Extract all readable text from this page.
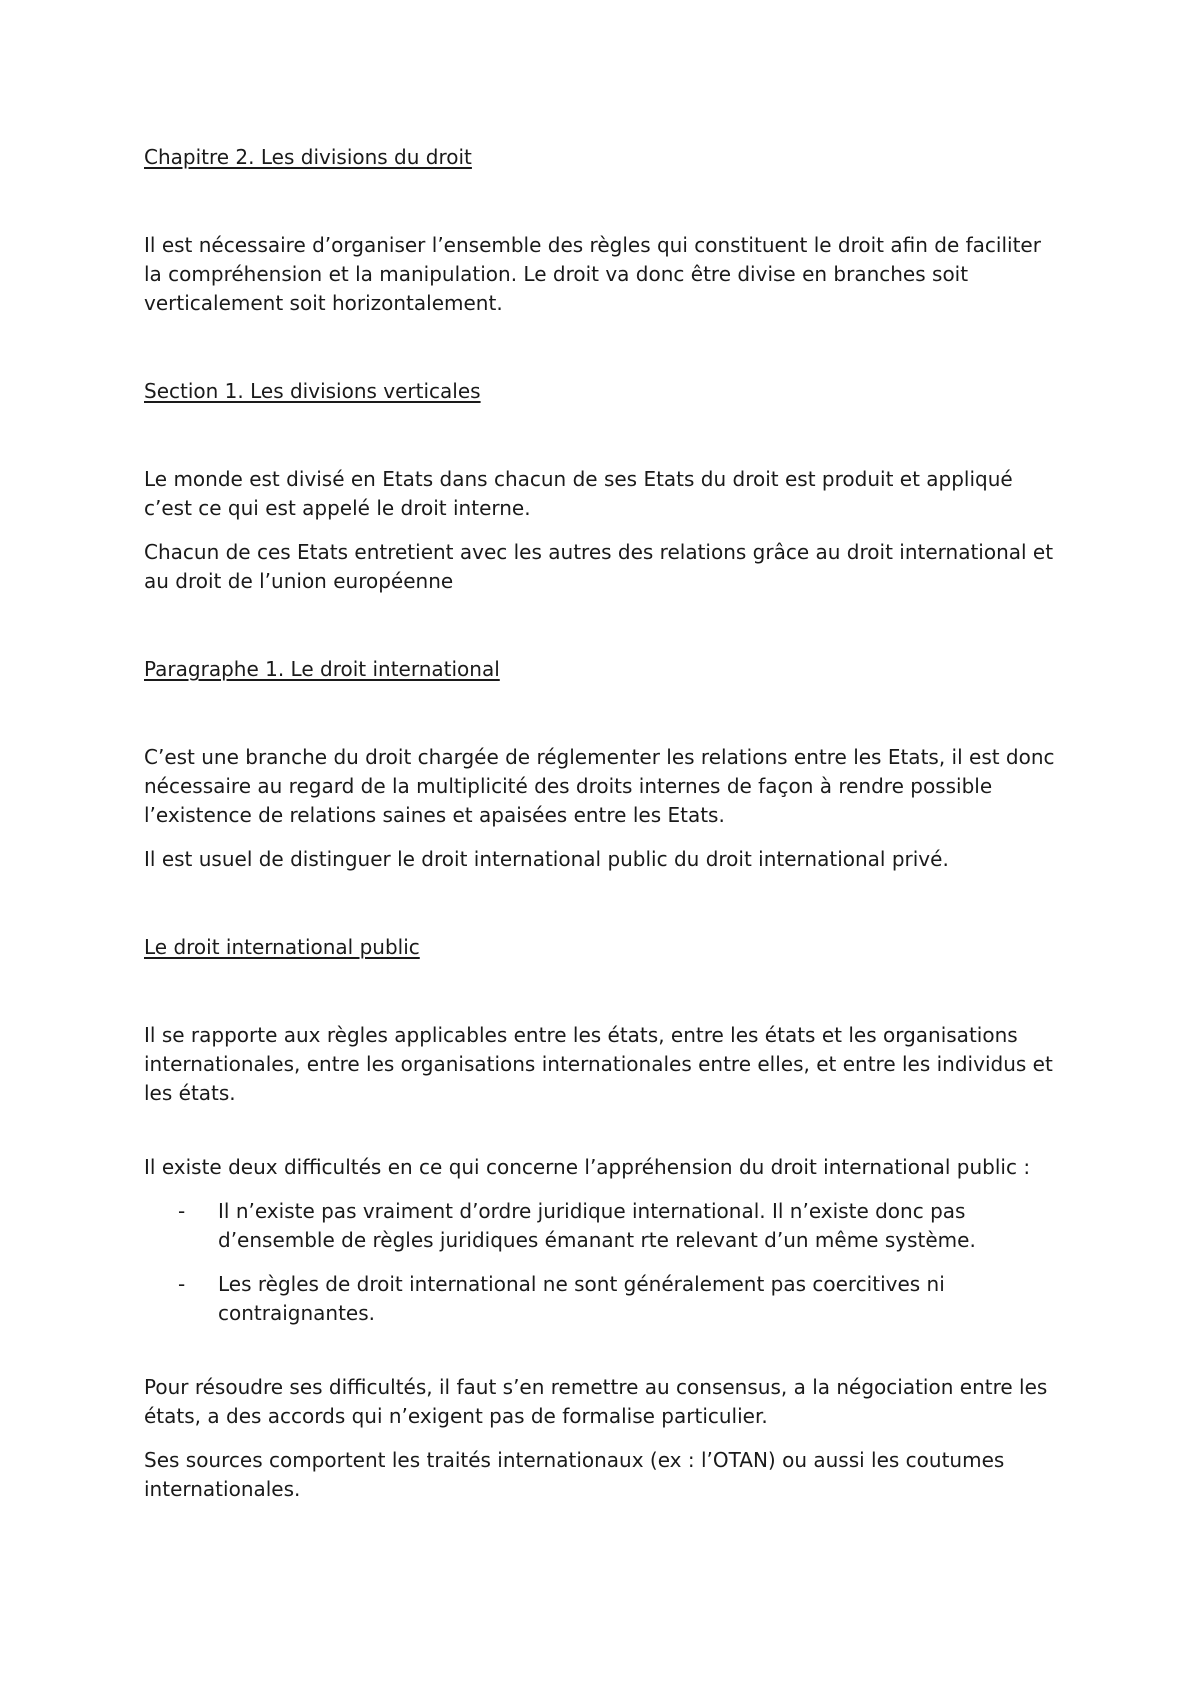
Chapitre 2. Les divisions du droit

Il est nécessaire d’organiser l’ensemble des règles qui constituent le droit afin de faciliter la compréhension et la manipulation. Le droit va donc être divise en branches soit verticalement soit horizontalement.

Section 1. Les divisions verticales

Le monde est divisé en Etats dans chacun de ses Etats du droit est produit et appliqué c’est ce qui est appelé le droit interne.

Chacun de ces Etats entretient avec les autres des relations grâce au droit international et au droit de l’union européenne

Paragraphe 1. Le droit international

C’est une branche du droit chargée de réglementer les relations entre les Etats, il est donc nécessaire au regard de la multiplicité des droits internes de façon à rendre possible l’existence de relations saines et apaisées entre les Etats.

Il est usuel de distinguer le droit international public du droit international privé.

Le droit international public

Il se rapporte aux règles applicables entre les états, entre les états et les organisations internationales, entre les organisations internationales entre elles, et entre les individus et les états.

Il existe deux difficultés en ce qui concerne l’appréhension du droit international public :

- Il n’existe pas vraiment d’ordre juridique international. Il n’existe donc pas d’ensemble de règles juridiques émanant rte relevant d’un même système.
- Les règles de droit international ne sont généralement pas coercitives ni contraignantes.

Pour résoudre ses difficultés, il faut s’en remettre au consensus, a la négociation entre les états, a des accords qui n’exigent pas de formalise particulier.

Ses sources comportent les traités internationaux (ex : l’OTAN) ou aussi les coutumes internationales.
